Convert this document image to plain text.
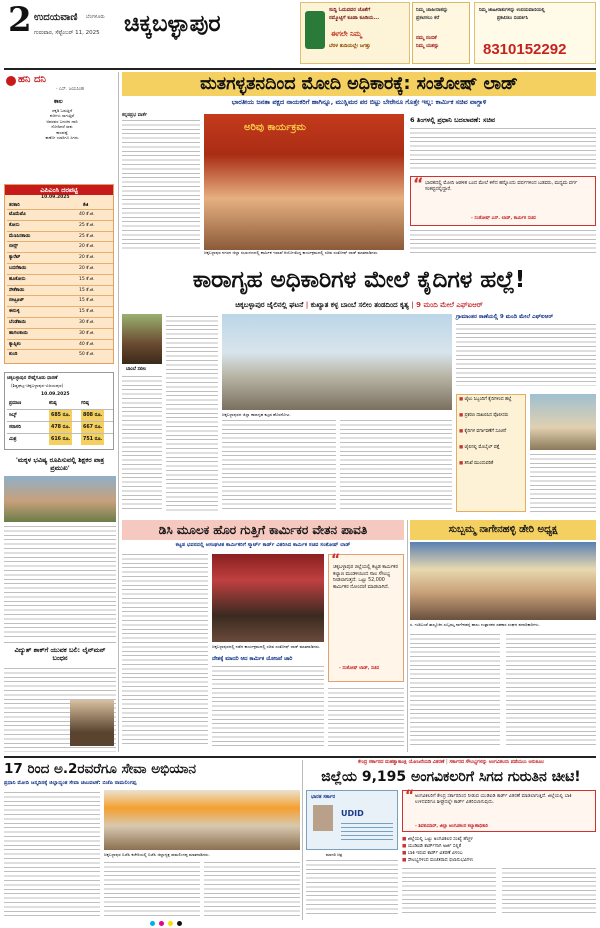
2 ಉದಯವಾಣಿ ಬೆಂಗಳೂರು
ಗುರುವಾರ, ಸೆಪ್ಟೆಂಬರ್ 11, 2025 ಚಿಕ್ಕಬಳ್ಳಾಪುರ
ಸುದ್ದಿ ಓದುವವರ ಜೊತೆಗೆ
ನಮ್ಮೊಟ್ಟಿಗೆ ಕೂಡಾ ಕೂಡಿಯ...
ಈಗಲೇ ನಿಮ್ಮ
ಬೆರಳ ತುದಿಯಲ್ಲೇ ಜಗತ್ತು
ನಿಮ್ಮ ಜಾಹೀರಾತನ್ನು
ಪ್ರಕಟಿಸಲು ಕರೆ
ನಮ್ಮ ನಂಬಿಕೆ
ನಿಮ್ಮ ಯಶಸ್ಸು
ನಿಮ್ಮ ಜಾಹೀರಾತುಗಳನ್ನು ಉದಯವಾಣಿಯಲ್ಲಿ
ಪ್ರಕಟಿಸಲು ಸಂಪರ್ಕಿಸಿ
8310152292
ಹನಿ ದನಿ
- ಎಸ್. ಜಯಸಿಂಹ
ಕಾಲ
ಚಕ್ಕಡಿ ಓಡುತ್ತಿದೆ
ಕುರಿಗಳು ಸಾಗುತ್ತಿವೆ
ಅವರವರ ಬದುಕಿನ ದಾರಿ
ನೋಡಿದರೆ ಸಾಕು
ಕಾಲವಷ್ಟೆ
ಕಾಣೋ ಯಾರಿಗೂ ಸಿಗದು
ಎಪಿಎಂಸಿ ದರಪಟ್ಟಿ
10.09.2025
ತರಕಾರಿ	ಕೆಜಿ
ಟೊಮೆಟೊ	40 ಕೆ.ಜಿ.
ಕೋಸು	25 ಕೆ.ಜಿ.
ಮೆಣಸಿನಕಾಯಿ	25 ಕೆ.ಜಿ.
ಬೀನ್ಸ್	20 ಕೆ.ಜಿ.
ಕ್ಯಾರೆಟ್	20 ಕೆ.ಜಿ.
ಬದನೆಕಾಯಿ	20 ಕೆ.ಜಿ.
ಹೂಕೋಸು	15 ಕೆ.ಜಿ.
ಸೌತೆಕಾಯಿ	15 ಕೆ.ಜಿ.
ಬೀಟ್ರೂಟ್	15 ಕೆ.ಜಿ.
ಈರುಳ್ಳಿ	15 ಕೆ.ಜಿ.
ಬೆಂಡೆಕಾಯಿ	30 ಕೆ.ಜಿ.
ಹಾಗಲಕಾಯಿ	30 ಕೆ.ಜಿ.
ಕ್ಯಾಪ್ಸಿಕಂ	40 ಕೆ.ಜಿ.
ಶುಂಠಿ	50 ಕೆ.ಜಿ.
ಚಿಕ್ಕಬಳ್ಳಾಪುರ ರೇಷ್ಮೆಗೂಡು ಧಾರಣೆ
(ಶಿಡ್ಲಘಟ್ಟ–ಚಿಕ್ಕಬಳ್ಳಾಪುರ–ವಿಜಯಪುರ)
10.09.2025
ಪ್ರಮಾಣ	ಕನಿಷ್ಠ	ಗರಿಷ್ಠ
ಸಿಲ್ಕ್	685 ರೂ.	808 ರೂ.
ಸರಾಸರಿ	478 ರೂ.	667 ರೂ.
ಮಿಶ್ರ	616 ರೂ.	751 ರೂ.
'ಮಕ್ಕಳ ಭವಿಷ್ಯ ರೂಪಿಸುವಲ್ಲಿ ಶಿಕ್ಷಕರ ಪಾತ್ರ ಪ್ರಮುಖ'
ವಿದ್ಯುತ್ ಶಾಕ್‌ಗೆ ಯುವಕ ಬಲಿ: ಲೈನ್‌ಮನ್ ಬಂಧನ
ಮತಗಳ್ಳತನದಿಂದ ಮೋದಿ ಅಧಿಕಾರಕ್ಕೆ: ಸಂತೋಷ್ ಲಾಡ್
ಭಾರತೀಯ ಜನತಾ ಪಕ್ಷದ ನಾಯಕರಿಗೆ ಹಾಗಿನ್ನೂ, ಮುಸ್ಲಿಮರ ಪರ ಬಿಟ್ಟು ಬೇರೇನೂ ಗೊತ್ತೇ ಇಲ್ಲ: ಕಾರ್ಮಿಕ ಸಚಿವ ವಾಗ್ದಾಳಿ
ಕನ್ನಡಪ್ರಭ ವಾರ್ತೆ
ಅರಿವು ಕಾರ್ಯಕ್ರಮ
ಚಿಕ್ಕಬಳ್ಳಾಪುರ ನಗರದ ಜಿಲ್ಲಾ ಸಭಾಂಗಣದಲ್ಲಿ ಕಾರ್ಮಿಕ ಇಲಾಖೆ ಆಯೋಜಿಸಿದ್ದ ಕಾರ್ಯಕ್ರಮದಲ್ಲಿ ಸಚಿವ ಸಂತೋಷ್ ಲಾಡ್ ಮಾತನಾಡಿದರು.
6 ತಿಂಗಳಲ್ಲಿ ಪ್ರಧಾನಿ ಬದಲಾವಣೆ: ಸಚಿವ
“ ಭಾರತದಲ್ಲಿ ಮೋದಿ ಆಡಳಿತ ಬಂದ ಮೇಲೆ ಕಳೆದ ಹನ್ನೊಂದು ವರ್ಷಗಳಿಂದ ಬಡವರು, ಮಧ್ಯಮ ವರ್ಗ ಸಂಕಷ್ಟದಲ್ಲಿದ್ದಾರೆ.
- ಸಂತೋಷ್ ಎಸ್. ಲಾಡ್, ಕಾರ್ಮಿಕ ಸಚಿವ
ಕಾರಾಗೃಹ ಅಧಿಕಾರಿಗಳ ಮೇಲೆ ಕೈದಿಗಳ ಹಲ್ಲೆ!
ಚಿಕ್ಕಬಳ್ಳಾಪುರ ಜೈಲಿನಲ್ಲಿ ಘಟನೆ | ಕುಖ್ಯಾತ ಕಳ್ಳ ಬಾಂಬೆ ಸಲೀಂ ತಂಡದಿಂದ ಕೃತ್ಯ | 9 ಮಂದಿ ಮೇಲೆ ಎಫ್‌ಐಆರ್
ಬಾಂಬೆ ಸಲೀಂ
ಚಿಕ್ಕಬಳ್ಳಾಪುರದ ಜಿಲ್ಲಾ ಕಾರಾಗೃಹ ಕಟ್ಟಡ ಹೊರನೋಟ.
ಗ್ರಾಮಾಂತರ ಠಾಣೆಯಲ್ಲಿ 9 ಮಂದಿ ಮೇಲೆ ಎಫ್‌ಐಆರ್
■ ಜೈಲು ಸಿಬ್ಬಂದಿಗೆ ಕೈದಿಗಳಿಂದ ಹಲ್ಲೆ
■ ಪ್ರಕರಣ ದಾಖಲಿಸಿದ ಪೊಲೀಸರು
■ ಕೈದಿಗಳ ವರ್ಗಾವಣೆಗೆ ಸೂಚನೆ
■ ಜೈಲಿನಲ್ಲಿ ಮೊಬೈಲ್ ಪತ್ತೆ
■ ತನಿಖೆ ಮುಂದುವರಿಕೆ
ಡಿಸಿ ಮೂಲಕ ಹೊರ ಗುತ್ತಿಗೆ ಕಾರ್ಮಿಕರ ವೇತನ ಪಾವತಿ
ಕಟ್ಟಡ ಭವನದಲ್ಲಿ ಅಸಂಘಟಿತ ಕಾರ್ಮಿಕರಿಗೆ ಸ್ಮಾರ್ಟ್ ಕಾರ್ಡ್ ವಿತರಿಸಿದ ಕಾರ್ಮಿಕ ಸಚಿವ ಸಂತೋಷ್ ಲಾಡ್
ಚಿಕ್ಕಬಳ್ಳಾಪುರದಲ್ಲಿ ನಡೆದ ಕಾರ್ಯಕ್ರಮದಲ್ಲಿ ಸಚಿವ ಸಂತೋಷ್ ಲಾಡ್ ಮಾತನಾಡಿದರು.
“
ಚಿಕ್ಕಬಳ್ಳಾಪುರ ಜಿಲ್ಲೆಯಲ್ಲಿ ಕಟ್ಟಡ ಕಾರ್ಮಿಕರ ಕಲ್ಯಾಣ ಮಂಡಳಿಯಿಂದ ಸಾಲ ಸೌಲಭ್ಯ ನೀಡಲಾಗುತ್ತದೆ. ಒಟ್ಟು 52,000 ಕಾರ್ಮಿಕರ ನೋಂದಣಿ ಮಾಡಲಾಗಿದೆ.
- ಸಂತೋಷ್ ಲಾಡ್, ಸಚಿವ
ದೇಶಕ್ಕೆ ಮಾದರಿ ಆದ ಕಾರ್ಮಿಕ ಯೋಜನೆ ಜಾರಿ
ಸುಬ್ಬಮ್ಮ ನಾಗೇನಹಳ್ಳಿ ಡೇರಿ ಅಧ್ಯಕ್ಷ
ಸ. ಗುಡಿಬಂಡೆ ತಾಲ್ಲೂಕಿನ ಸುಬ್ಬಮ್ಮ ನಾಗೇನಹಳ್ಳಿ ಹಾಲು ಉತ್ಪಾದಕರ ಸಹಕಾರ ಸಂಘದ ಪದಾಧಿಕಾರಿಗಳು.
17 ರಿಂದ ಅ.2ರವರೆಗೂ ಸೇವಾ ಅಭಿಯಾನ
ಪ್ರಧಾನಿ ಮೋದಿ ಜನ್ಮದಿನಕ್ಕೆ ಜಿಲ್ಲಾದ್ಯಂತ ಸೇವಾ ಚಟುವಟಿಕೆ: ಬಿಜೆಪಿ ರಾಮಲಿಂಗಪ್ಪ
ಚಿಕ್ಕಬಳ್ಳಾಪುರ ಬಿಜೆಪಿ ಕಚೇರಿಯಲ್ಲಿ ಬಿಜೆಪಿ ಜಿಲ್ಲಾಧ್ಯಕ್ಷ ರಾಮಲಿಂಗಪ್ಪ ಮಾತನಾಡಿದರು.
ಕೇಂದ್ರ ಸರ್ಕಾರದ ಮಹತ್ವಾಕಾಂಕ್ಷಿ ಯೋಜನೆಯಡಿ ವಿತರಣೆ | ಸರ್ಕಾರದ ಸೌಲಭ್ಯಗಳನ್ನು ಅಂಗವಿಕಲರು ಪಡೆಯಲು ಅನುಕೂಲ
ಜಿಲ್ಲೆಯ 9,195 ಅಂಗವಿಕಲರಿಗೆ ಸಿಗದ ಗುರುತಿನ ಚೀಟಿ!
ಭಾರತ ಸರ್ಕಾರ
UDID
ಮಾದರಿ ಚಿತ್ರ
“ ಅಂಗವಿಕಲರಿಗೆ ಕೇಂದ್ರ ಸರ್ಕಾರದಿಂದ ನೀಡುವ ಯುಡಿಐಡಿ ಕಾರ್ಡ್ ವಿತರಣೆ ಮಾಡಲಾಗುತ್ತಿದೆ. ಜಿಲ್ಲೆಯಲ್ಲಿ ಬಾಕಿ ಉಳಿದವರಿಗೂ ಶೀಘ್ರದಲ್ಲೇ ಕಾರ್ಡ್ ವಿತರಿಸಲಾಗುವುದು.
- ಶಿವಕುಮಾರ್, ಜಿಲ್ಲಾ ಅಂಗವಿಕಲರ ಕಲ್ಯಾಣಾಧಿಕಾರಿ
■ ಜಿಲ್ಲೆಯಲ್ಲಿ ಒಟ್ಟು ಅಂಗವಿಕಲರ ಸಂಖ್ಯೆ ಹೆಚ್ಚಳ
■ ಯುಡಿಐಡಿ ಕಾರ್ಡ್‌ಗಾಗಿ ಅರ್ಜಿ ಸಲ್ಲಿಕೆ
■ ಬಾಕಿ ಇರುವ ಕಾರ್ಡ್ ವಿತರಣೆ ವಿಳಂಬ
■ ಸೌಲಭ್ಯಗಳಿಂದ ವಂಚಿತರಾದ ಫಲಾನುಭವಿಗಳು
